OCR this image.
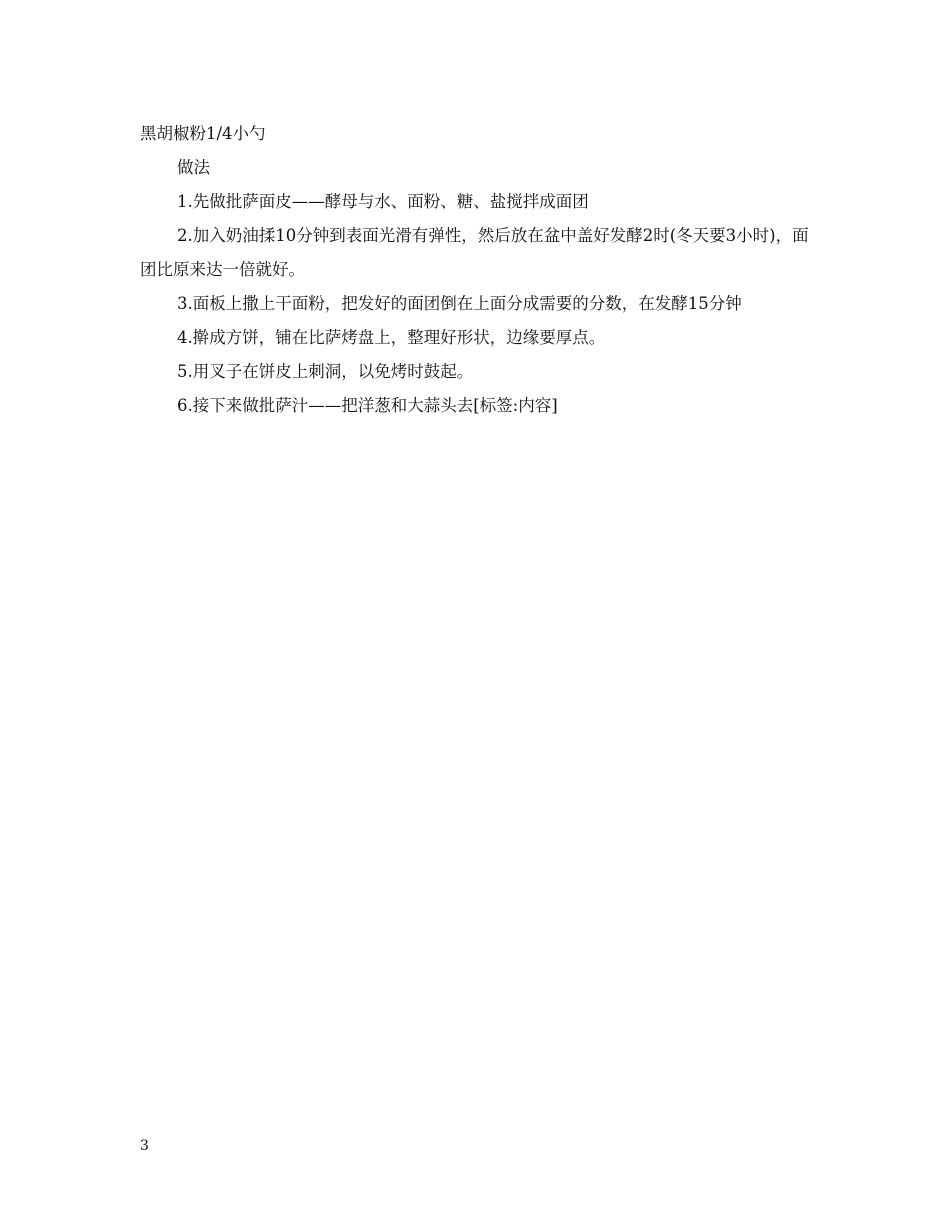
黑胡椒粉1/4小勺

做法

1.先做批萨面皮——酵母与水、面粉、糖、盐搅拌成面团

2.加入奶油揉10分钟到表面光滑有弹性，然后放在盆中盖好发酵2时(冬天要3小时)，面团比原来达一倍就好。

3.面板上撒上干面粉，把发好的面团倒在上面分成需要的分数，在发酵15分钟

4.擀成方饼，铺在比萨烤盘上，整理好形状，边缘要厚点。

5.用叉子在饼皮上刺洞，以免烤时鼓起。

6.接下来做批萨汁——把洋葱和大蒜头去[标签:内容]

3
